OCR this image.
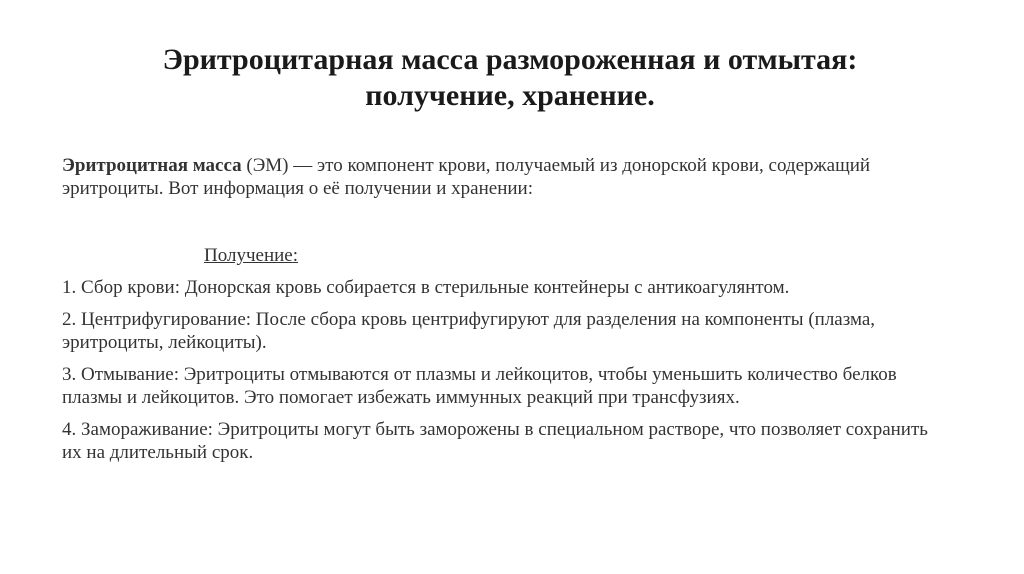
Эритроцитарная масса размороженная и отмытая:
получение, хранение.

Эритроцитная масса (ЭМ) — это компонент крови, получаемый из донорской крови, содержащий эритроциты. Вот информация о её получении и хранении:

Получение:

1. Сбор крови: Донорская кровь собирается в стерильные контейнеры с антикоагулянтом.

2. Центрифугирование: После сбора кровь центрифугируют для разделения на компоненты (плазма, эритроциты, лейкоциты).

3. Отмывание: Эритроциты отмываются от плазмы и лейкоцитов, чтобы уменьшить количество белков плазмы и лейкоцитов. Это помогает избежать иммунных реакций при трансфузиях.

4. Замораживание: Эритроциты могут быть заморожены в специальном растворе, что позволяет сохранить их на длительный срок.
